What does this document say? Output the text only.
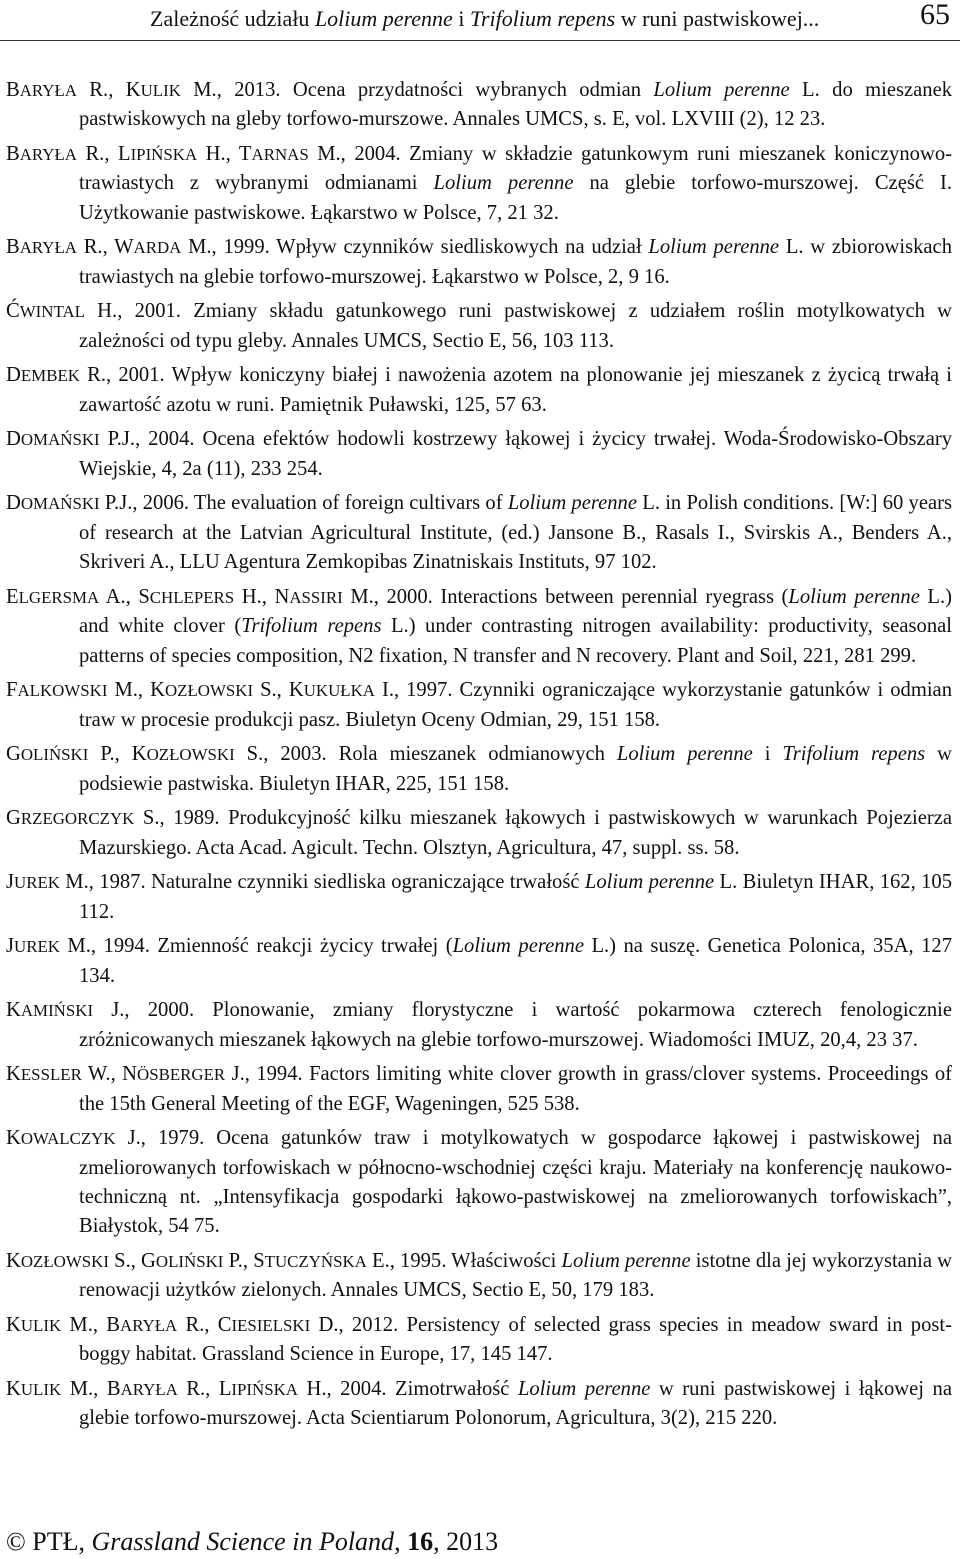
Zależność udziału Lolium perenne i Trifolium repens w runi pastwiskowej...	65

BARYŁA R., KULIK M., 2013. Ocena przydatności wybranych odmian Lolium perenne L. do mieszanek pastwiskowych na gleby torfowo-murszowe. Annales UMCS, s. E, vol. LXVIII (2), 12 23.

BARYŁA R., LIPIŃSKA H., TARNAS M., 2004. Zmiany w składzie gatunkowym runi mieszanek koniczynowo-trawiastych z wybranymi odmianami Lolium perenne na glebie torfowo-murszowej. Część I. Użytkowanie pastwiskowe. Łąkarstwo w Polsce, 7, 21 32.

BARYŁA R., WARDA M., 1999. Wpływ czynników siedliskowych na udział Lolium perenne L. w zbiorowiskach trawiastych na glebie torfowo-murszowej. Łąkarstwo w Polsce, 2, 9 16.

ĆWINTAL H., 2001. Zmiany składu gatunkowego runi pastwiskowej z udziałem roślin motylkowatych w zależności od typu gleby. Annales UMCS, Sectio E, 56, 103 113.

DEMBEK R., 2001. Wpływ koniczyny białej i nawożenia azotem na plonowanie jej mieszanek z życicą trwałą i zawartość azotu w runi. Pamiętnik Puławski, 125, 57 63.

DOMAŃSKI P.J., 2004. Ocena efektów hodowli kostrzewy łąkowej i życicy trwałej. Woda-Środowisko-Obszary Wiejskie, 4, 2a (11), 233 254.

DOMAŃSKI P.J., 2006. The evaluation of foreign cultivars of Lolium perenne L. in Polish conditions. [W:] 60 years of research at the Latvian Agricultural Institute, (ed.) Jansone B., Rasals I., Svirskis A., Benders A., Skriveri A., LLU Agentura Zemkopibas Zinatniskais Instituts, 97 102.

ELGERSMA A., SCHLEPERS H., NASSIRI M., 2000. Interactions between perennial ryegrass (Lolium perenne L.) and white clover (Trifolium repens L.) under contrasting nitrogen availability: productivity, seasonal patterns of species composition, N2 fixation, N transfer and N recovery. Plant and Soil, 221, 281 299.

FALKOWSKI M., KOZŁOWSKI S., KUKUŁKA I., 1997. Czynniki ograniczające wykorzystanie gatunków i odmian traw w procesie produkcji pasz. Biuletyn Oceny Odmian, 29, 151 158.

GOLIŃSKI P., KOZŁOWSKI S., 2003. Rola mieszanek odmianowych Lolium perenne i Trifolium repens w podsiewie pastwiska. Biuletyn IHAR, 225, 151 158.

GRZEGORCZYK S., 1989. Produkcyjność kilku mieszanek łąkowych i pastwiskowych w warunkach Pojezierza Mazurskiego. Acta Acad. Agicult. Techn. Olsztyn, Agricultura, 47, suppl. ss. 58.

JUREK M., 1987. Naturalne czynniki siedliska ograniczające trwałość Lolium perenne L. Biuletyn IHAR, 162, 105 112.

JUREK M., 1994. Zmienność reakcji życicy trwałej (Lolium perenne L.) na suszę. Genetica Polonica, 35A, 127 134.

KAMIŃSKI J., 2000. Plonowanie, zmiany florystyczne i wartość pokarmowa czterech fenologicznie zróżnicowanych mieszanek łąkowych na glebie torfowo-murszowej. Wiadomości IMUZ, 20,4, 23 37.

KESSLER W., NÖSBERGER J., 1994. Factors limiting white clover growth in grass/clover systems. Proceedings of the 15th General Meeting of the EGF, Wageningen, 525 538.

KOWALCZYK J., 1979. Ocena gatunków traw i motylkowatych w gospodarce łąkowej i pastwiskowej na zmeliorowanych torfowiskach w północno-wschodniej części kraju. Materiały na konferencję naukowo-techniczną nt. „Intensyfikacja gospodarki łąkowo-pastwiskowej na zmeliorowanych torfowiskach”, Białystok, 54 75.

KOZŁOWSKI S., GOLIŃSKI P., STUCZYŃSKA E., 1995. Właściwości Lolium perenne istotne dla jej wykorzystania w renowacji użytków zielonych. Annales UMCS, Sectio E, 50, 179 183.

KULIK M., BARYŁA R., CIESIELSKI D., 2012. Persistency of selected grass species in meadow sward in post-boggy habitat. Grassland Science in Europe, 17, 145 147.

KULIK M., BARYŁA R., LIPIŃSKA H., 2004. Zimotrwałość Lolium perenne w runi pastwiskowej i łąkowej na glebie torfowo-murszowej. Acta Scientiarum Polonorum, Agricultura, 3(2), 215 220.

© PTŁ, Grassland Science in Poland, 16, 2013
